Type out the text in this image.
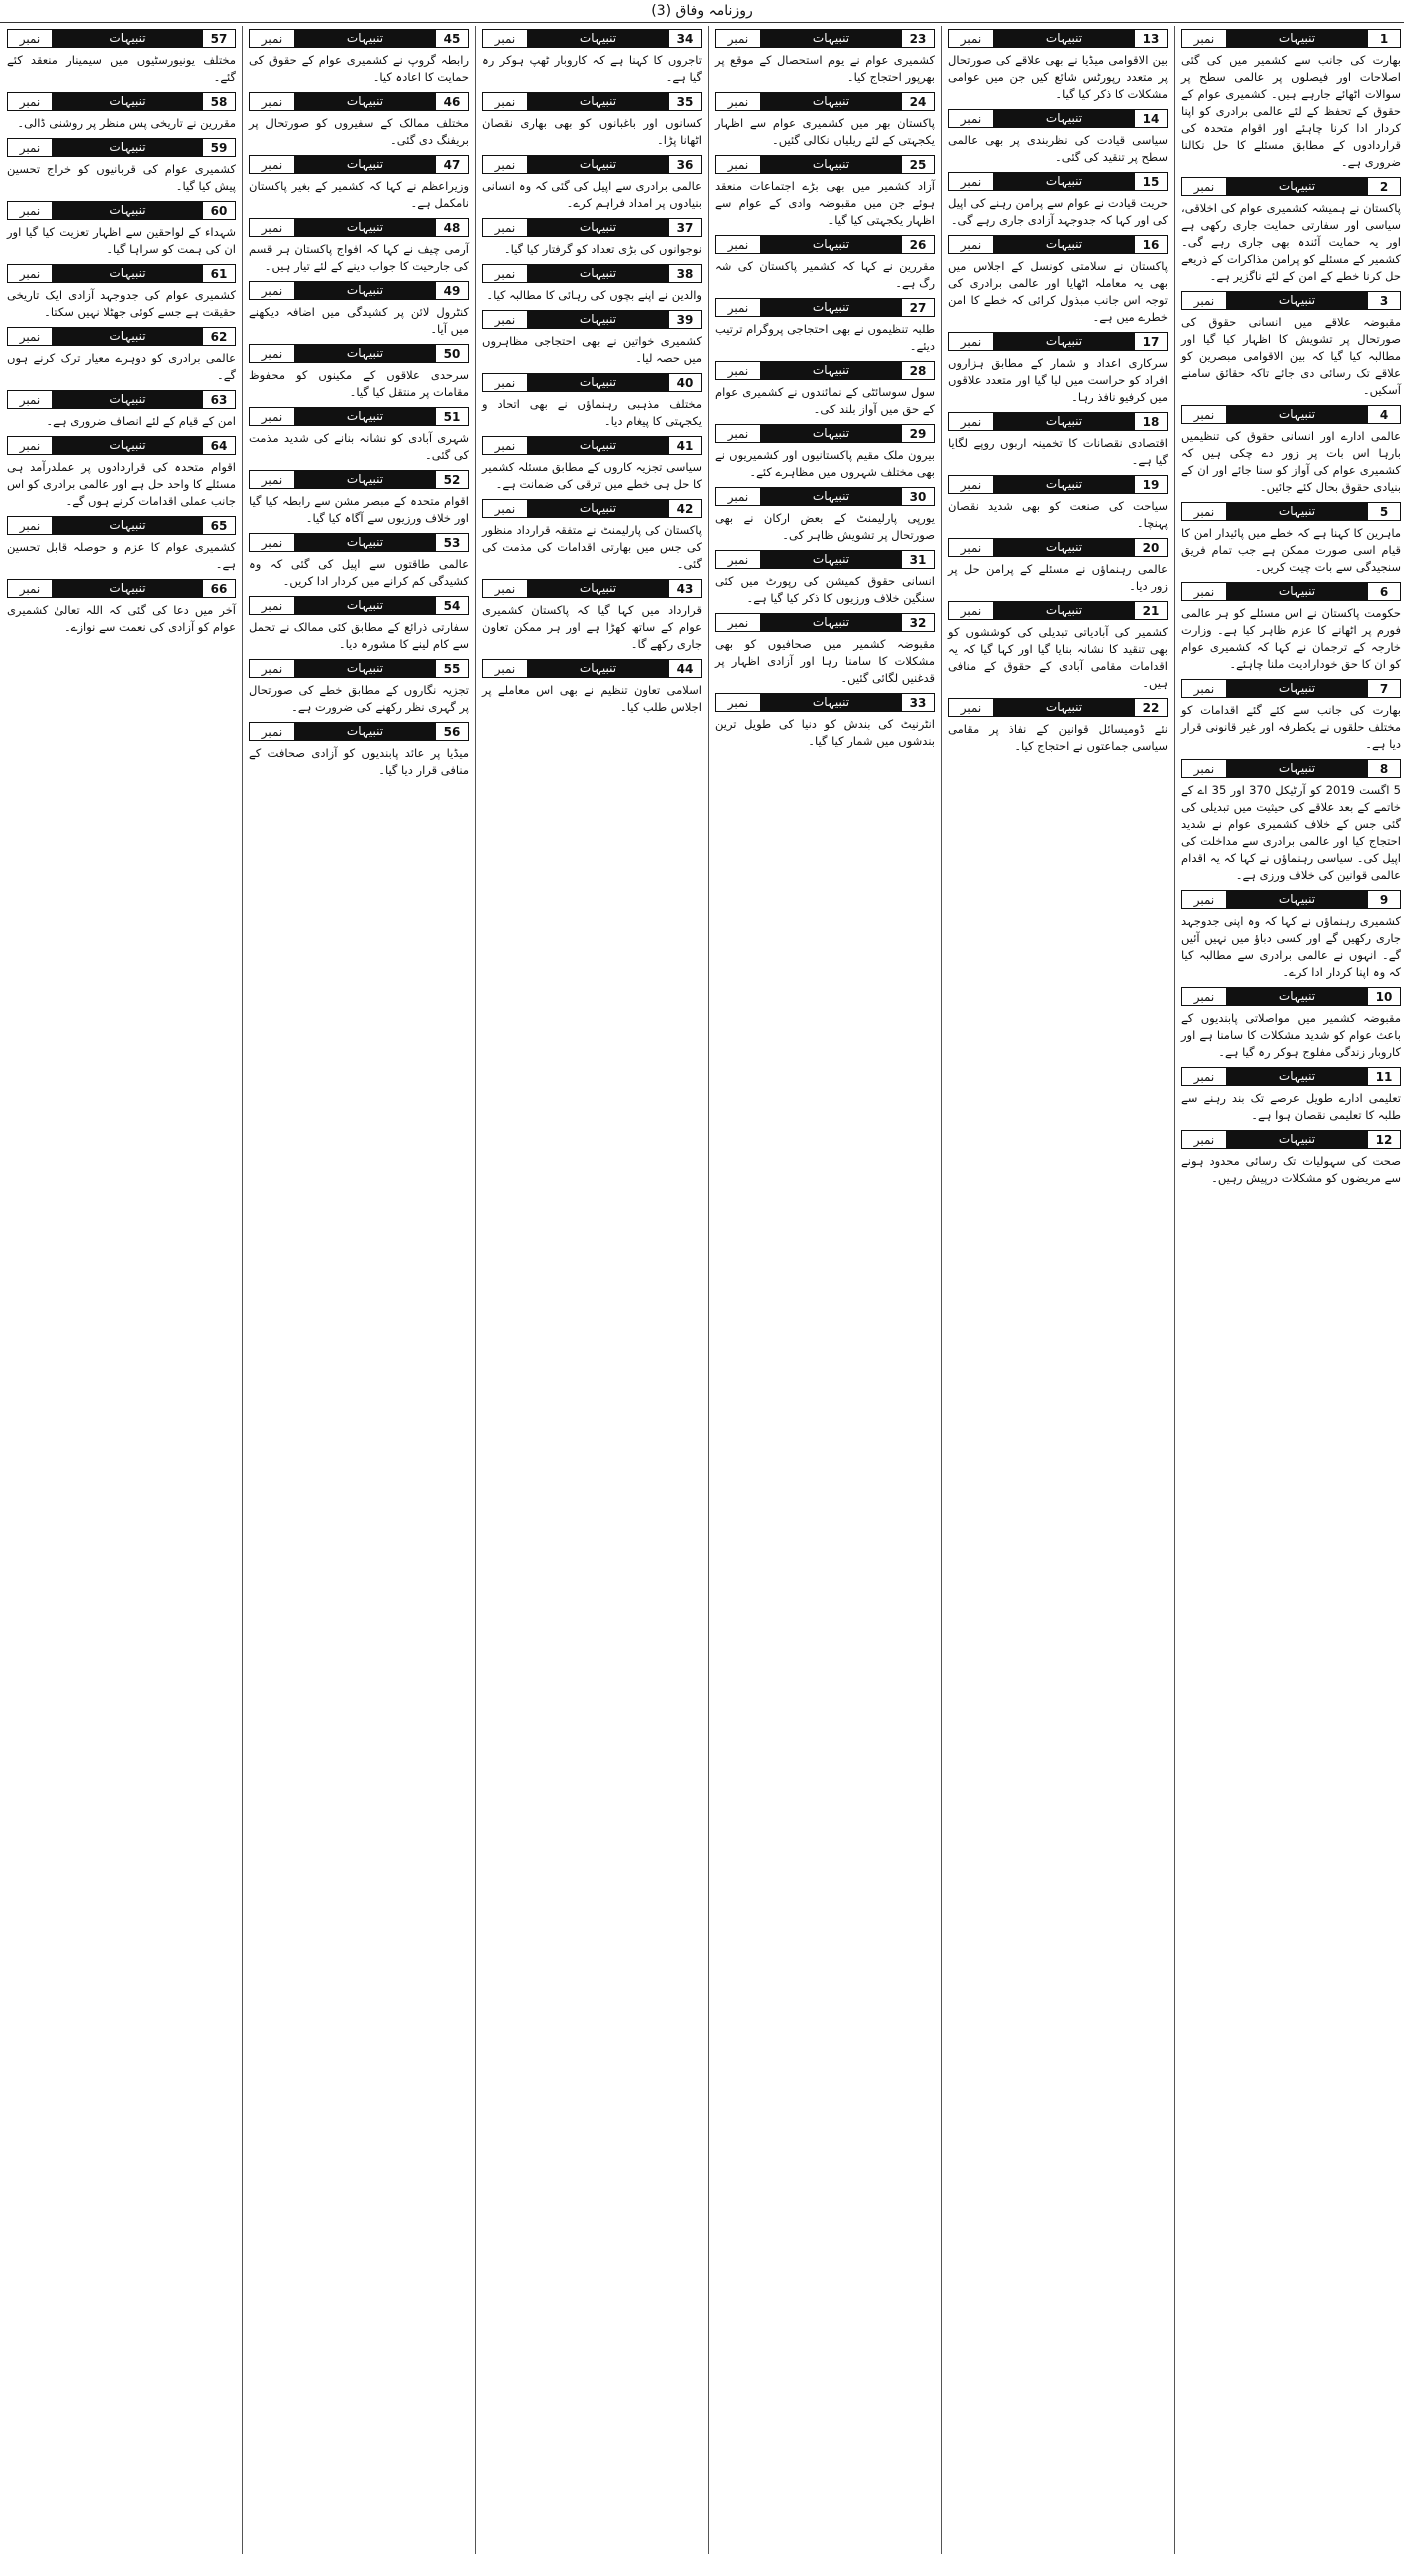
روزنامہ وفاق (3)
نمبر	تنبیہات	1

بھارت کی جانب سے کشمیر میں کی گئی اصلاحات اور فیصلوں پر عالمی سطح پر سوالات اٹھائے جارہے ہیں۔ کشمیری عوام کے حقوق کے تحفظ کے لئے عالمی برادری کو اپنا کردار ادا کرنا چاہئے اور اقوام متحدہ کی قراردادوں کے مطابق مسئلے کا حل نکالنا ضروری ہے۔

نمبر	تنبیہات	2

پاکستان نے ہمیشہ کشمیری عوام کی اخلاقی، سیاسی اور سفارتی حمایت جاری رکھی ہے اور یہ حمایت آئندہ بھی جاری رہے گی۔ کشمیر کے مسئلے کو پرامن مذاکرات کے ذریعے حل کرنا خطے کے امن کے لئے ناگزیر ہے۔

نمبر	تنبیہات	3

مقبوضہ علاقے میں انسانی حقوق کی صورتحال پر تشویش کا اظہار کیا گیا اور مطالبہ کیا گیا کہ بین الاقوامی مبصرین کو علاقے تک رسائی دی جائے تاکہ حقائق سامنے آسکیں۔

نمبر	تنبیہات	4

عالمی ادارے اور انسانی حقوق کی تنظیمیں بارہا اس بات پر زور دے چکی ہیں کہ کشمیری عوام کی آواز کو سنا جائے اور ان کے بنیادی حقوق بحال کئے جائیں۔

نمبر	تنبیہات	5

ماہرین کا کہنا ہے کہ خطے میں پائیدار امن کا قیام اسی صورت ممکن ہے جب تمام فریق سنجیدگی سے بات چیت کریں۔

نمبر	تنبیہات	6

حکومت پاکستان نے اس مسئلے کو ہر عالمی فورم پر اٹھانے کا عزم ظاہر کیا ہے۔ وزارت خارجہ کے ترجمان نے کہا کہ کشمیری عوام کو ان کا حق خودارادیت ملنا چاہئے۔

نمبر	تنبیہات	7

بھارت کی جانب سے کئے گئے اقدامات کو مختلف حلقوں نے یکطرفہ اور غیر قانونی قرار دیا ہے۔

نمبر	تنبیہات	8

5 اگست 2019 کو آرٹیکل 370 اور 35 اے کے خاتمے کے بعد علاقے کی حیثیت میں تبدیلی کی گئی جس کے خلاف کشمیری عوام نے شدید احتجاج کیا اور عالمی برادری سے مداخلت کی اپیل کی۔ سیاسی رہنماؤں نے کہا کہ یہ اقدام عالمی قوانین کی خلاف ورزی ہے۔

نمبر	تنبیہات	9

کشمیری رہنماؤں نے کہا کہ وہ اپنی جدوجہد جاری رکھیں گے اور کسی دباؤ میں نہیں آئیں گے۔ انہوں نے عالمی برادری سے مطالبہ کیا کہ وہ اپنا کردار ادا کرے۔

نمبر	تنبیہات	10

مقبوضہ کشمیر میں مواصلاتی پابندیوں کے باعث عوام کو شدید مشکلات کا سامنا ہے اور کاروبار زندگی مفلوج ہوکر رہ گیا ہے۔

نمبر	تنبیہات	11

تعلیمی ادارے طویل عرصے تک بند رہنے سے طلبہ کا تعلیمی نقصان ہوا ہے۔

نمبر	تنبیہات	12

صحت کی سہولیات تک رسائی محدود ہونے سے مریضوں کو مشکلات درپیش رہیں۔

نمبر	تنبیہات	13

بین الاقوامی میڈیا نے بھی علاقے کی صورتحال پر متعدد رپورٹس شائع کیں جن میں عوامی مشکلات کا ذکر کیا گیا۔

نمبر	تنبیہات	14

سیاسی قیادت کی نظربندی پر بھی عالمی سطح پر تنقید کی گئی۔

نمبر	تنبیہات	15

حریت قیادت نے عوام سے پرامن رہنے کی اپیل کی اور کہا کہ جدوجہد آزادی جاری رہے گی۔

نمبر	تنبیہات	16

پاکستان نے سلامتی کونسل کے اجلاس میں بھی یہ معاملہ اٹھایا اور عالمی برادری کی توجہ اس جانب مبذول کرائی کہ خطے کا امن خطرے میں ہے۔

نمبر	تنبیہات	17

سرکاری اعداد و شمار کے مطابق ہزاروں افراد کو حراست میں لیا گیا اور متعدد علاقوں میں کرفیو نافذ رہا۔

نمبر	تنبیہات	18

اقتصادی نقصانات کا تخمینہ اربوں روپے لگایا گیا ہے۔

نمبر	تنبیہات	19

سیاحت کی صنعت کو بھی شدید نقصان پہنچا۔

نمبر	تنبیہات	20

عالمی رہنماؤں نے مسئلے کے پرامن حل پر زور دیا۔

نمبر	تنبیہات	21

کشمیر کی آبادیاتی تبدیلی کی کوششوں کو بھی تنقید کا نشانہ بنایا گیا اور کہا گیا کہ یہ اقدامات مقامی آبادی کے حقوق کے منافی ہیں۔

نمبر	تنبیہات	22

نئے ڈومیسائل قوانین کے نفاذ پر مقامی سیاسی جماعتوں نے احتجاج کیا۔

نمبر	تنبیہات	23

کشمیری عوام نے یوم استحصال کے موقع پر بھرپور احتجاج کیا۔

نمبر	تنبیہات	24

پاکستان بھر میں کشمیری عوام سے اظہار یکجہتی کے لئے ریلیاں نکالی گئیں۔

نمبر	تنبیہات	25

آزاد کشمیر میں بھی بڑے اجتماعات منعقد ہوئے جن میں مقبوضہ وادی کے عوام سے اظہار یکجہتی کیا گیا۔

نمبر	تنبیہات	26

مقررین نے کہا کہ کشمیر پاکستان کی شہ رگ ہے۔

نمبر	تنبیہات	27

طلبہ تنظیموں نے بھی احتجاجی پروگرام ترتیب دیئے۔

نمبر	تنبیہات	28

سول سوسائٹی کے نمائندوں نے کشمیری عوام کے حق میں آواز بلند کی۔

نمبر	تنبیہات	29

بیرون ملک مقیم پاکستانیوں اور کشمیریوں نے بھی مختلف شہروں میں مظاہرے کئے۔

نمبر	تنبیہات	30

یورپی پارلیمنٹ کے بعض ارکان نے بھی صورتحال پر تشویش ظاہر کی۔

نمبر	تنبیہات	31

انسانی حقوق کمیشن کی رپورٹ میں کئی سنگین خلاف ورزیوں کا ذکر کیا گیا ہے۔

نمبر	تنبیہات	32

مقبوضہ کشمیر میں صحافیوں کو بھی مشکلات کا سامنا رہا اور آزادی اظہار پر قدغنیں لگائی گئیں۔

نمبر	تنبیہات	33

انٹرنیٹ کی بندش کو دنیا کی طویل ترین بندشوں میں شمار کیا گیا۔

نمبر	تنبیہات	34

تاجروں کا کہنا ہے کہ کاروبار ٹھپ ہوکر رہ گیا ہے۔

نمبر	تنبیہات	35

کسانوں اور باغبانوں کو بھی بھاری نقصان اٹھانا پڑا۔

نمبر	تنبیہات	36

عالمی برادری سے اپیل کی گئی کہ وہ انسانی بنیادوں پر امداد فراہم کرے۔

نمبر	تنبیہات	37

نوجوانوں کی بڑی تعداد کو گرفتار کیا گیا۔

نمبر	تنبیہات	38

والدین نے اپنے بچوں کی رہائی کا مطالبہ کیا۔

نمبر	تنبیہات	39

کشمیری خواتین نے بھی احتجاجی مظاہروں میں حصہ لیا۔

نمبر	تنبیہات	40

مختلف مذہبی رہنماؤں نے بھی اتحاد و یکجہتی کا پیغام دیا۔

نمبر	تنبیہات	41

سیاسی تجزیہ کاروں کے مطابق مسئلہ کشمیر کا حل ہی خطے میں ترقی کی ضمانت ہے۔

نمبر	تنبیہات	42

پاکستان کی پارلیمنٹ نے متفقہ قرارداد منظور کی جس میں بھارتی اقدامات کی مذمت کی گئی۔

نمبر	تنبیہات	43

قرارداد میں کہا گیا کہ پاکستان کشمیری عوام کے ساتھ کھڑا ہے اور ہر ممکن تعاون جاری رکھے گا۔

نمبر	تنبیہات	44

اسلامی تعاون تنظیم نے بھی اس معاملے پر اجلاس طلب کیا۔

نمبر	تنبیہات	45

رابطہ گروپ نے کشمیری عوام کے حقوق کی حمایت کا اعادہ کیا۔

نمبر	تنبیہات	46

مختلف ممالک کے سفیروں کو صورتحال پر بریفنگ دی گئی۔

نمبر	تنبیہات	47

وزیراعظم نے کہا کہ کشمیر کے بغیر پاکستان نامکمل ہے۔

نمبر	تنبیہات	48

آرمی چیف نے کہا کہ افواج پاکستان ہر قسم کی جارحیت کا جواب دینے کے لئے تیار ہیں۔

نمبر	تنبیہات	49

کنٹرول لائن پر کشیدگی میں اضافہ دیکھنے میں آیا۔

نمبر	تنبیہات	50

سرحدی علاقوں کے مکینوں کو محفوظ مقامات پر منتقل کیا گیا۔

نمبر	تنبیہات	51

شہری آبادی کو نشانہ بنانے کی شدید مذمت کی گئی۔

نمبر	تنبیہات	52

اقوام متحدہ کے مبصر مشن سے رابطہ کیا گیا اور خلاف ورزیوں سے آگاہ کیا گیا۔

نمبر	تنبیہات	53

عالمی طاقتوں سے اپیل کی گئی کہ وہ کشیدگی کم کرانے میں کردار ادا کریں۔

نمبر	تنبیہات	54

سفارتی ذرائع کے مطابق کئی ممالک نے تحمل سے کام لینے کا مشورہ دیا۔

نمبر	تنبیہات	55

تجزیہ نگاروں کے مطابق خطے کی صورتحال پر گہری نظر رکھنے کی ضرورت ہے۔

نمبر	تنبیہات	56

میڈیا پر عائد پابندیوں کو آزادی صحافت کے منافی قرار دیا گیا۔

نمبر	تنبیہات	57

مختلف یونیورسٹیوں میں سیمینار منعقد کئے گئے۔

نمبر	تنبیہات	58

مقررین نے تاریخی پس منظر پر روشنی ڈالی۔

نمبر	تنبیہات	59

کشمیری عوام کی قربانیوں کو خراج تحسین پیش کیا گیا۔

نمبر	تنبیہات	60

شہداء کے لواحقین سے اظہار تعزیت کیا گیا اور ان کی ہمت کو سراہا گیا۔

نمبر	تنبیہات	61

کشمیری عوام کی جدوجہد آزادی ایک تاریخی حقیقت ہے جسے کوئی جھٹلا نہیں سکتا۔

نمبر	تنبیہات	62

عالمی برادری کو دوہرے معیار ترک کرنے ہوں گے۔

نمبر	تنبیہات	63

امن کے قیام کے لئے انصاف ضروری ہے۔

نمبر	تنبیہات	64

اقوام متحدہ کی قراردادوں پر عملدرآمد ہی مسئلے کا واحد حل ہے اور عالمی برادری کو اس جانب عملی اقدامات کرنے ہوں گے۔

نمبر	تنبیہات	65

کشمیری عوام کا عزم و حوصلہ قابل تحسین ہے۔

نمبر	تنبیہات	66

آخر میں دعا کی گئی کہ اللہ تعالیٰ کشمیری عوام کو آزادی کی نعمت سے نوازے۔
